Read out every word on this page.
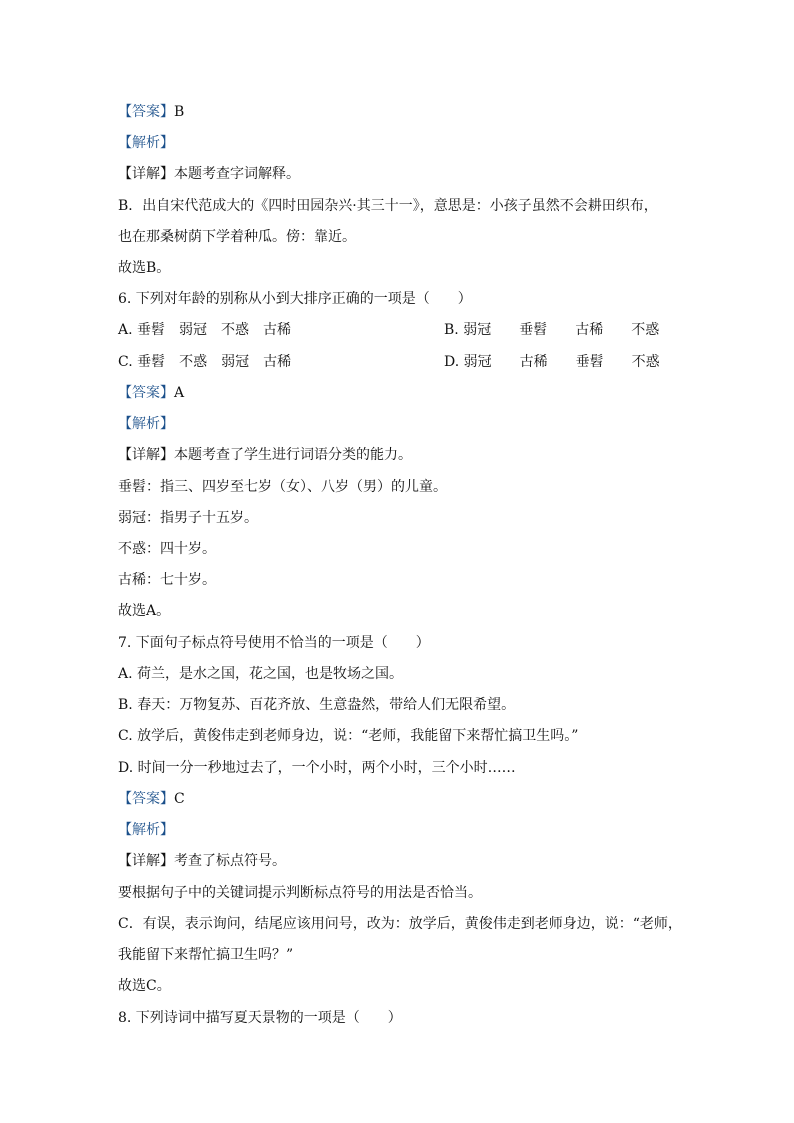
【答案】B
【解析】
【详解】本题考查字词解释。
B．出自宋代范成大的《四时田园杂兴·其三十一》，意思是：小孩子虽然不会耕田织布，
也在那桑树荫下学着种瓜。傍：靠近。
故选B。
6. 下列对年龄的别称从小到大排序正确的一项是（　　）
A. 垂髫　弱冠　不惑　古稀	B. 弱冠　　垂髫　　古稀　　不惑
C. 垂髫　不惑　弱冠　古稀	D. 弱冠　　古稀　　垂髫　　不惑
【答案】A
【解析】
【详解】本题考查了学生进行词语分类的能力。
垂髫：指三、四岁至七岁（女）、八岁（男）的儿童。
弱冠：指男子十五岁。
不惑：四十岁。
古稀：七十岁。
故选A。
7. 下面句子标点符号使用不恰当的一项是（　　）
A. 荷兰，是水之国，花之国，也是牧场之国。
B. 春天：万物复苏、百花齐放、生意盎然，带给人们无限希望。
C. 放学后，黄俊伟走到老师身边，说：“老师，我能留下来帮忙搞卫生吗。”
D. 时间一分一秒地过去了，一个小时，两个小时，三个小时……
【答案】C
【解析】
【详解】考查了标点符号。
要根据句子中的关键词提示判断标点符号的用法是否恰当。
C．有误，表示询问，结尾应该用问号，改为：放学后，黄俊伟走到老师身边，说：“老师，
我能留下来帮忙搞卫生吗？”
故选C。
8. 下列诗词中描写夏天景物的一项是（　　）
